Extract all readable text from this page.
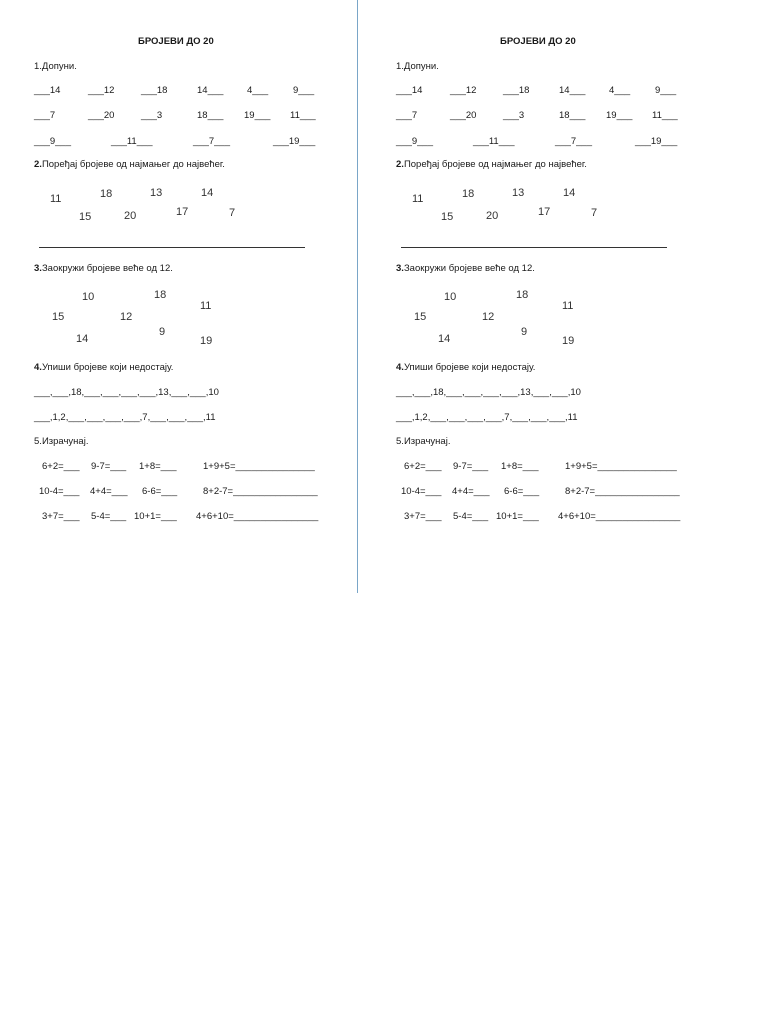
БРОЈЕВИ ДО 20
1.Допуни.
___14	___12	___18	14___ 4___	9___
___7	___20	___3	18___ 19___ 11___
___9___	___11___	___7___	___19___
2.Поређај бројеве од најмањег до највећег.
11	18	13	14
15	20	17	7
3.Заокружи бројеве веће од 12.
10	18
11
15	12
14
9
19
4.Упиши бројеве који недостају.
___,___,18,___,___,___,___,13,___,___,10
___,1,2,___,___,___,___,7,___,___,___,11
5.Израчунај.
6+2=___ 9-7=___ 1+8=___	1+9+5=_______________
10-4=___ 4+4=___ 6-6=___	8+2-7=________________
3+7=___ 5-4=___ 10+1=___ 4+6+10=________________
БРОЈЕВИ ДО 20
1.Допуни.
___14	___12	___18	14___ 4___	9___
___7	___20	___3	18___ 19___ 11___
___9___	___11___	___7___	___19___
2.Поређај бројеве од најмањег до највећег.
11	18	13	14
15	20	17	7
3.Заокружи бројеве веће од 12.
10	18
11
15	12
14
9
19
4.Упиши бројеве који недостају.
___,___,18,___,___,___,___,13,___,___,10
___,1,2,___,___,___,___,7,___,___,___,11
5.Израчунај.
6+2=___ 9-7=___ 1+8=___	1+9+5=_______________
10-4=___ 4+4=___ 6-6=___	8+2-7=________________
3+7=___ 5-4=___ 10+1=___ 4+6+10=________________
